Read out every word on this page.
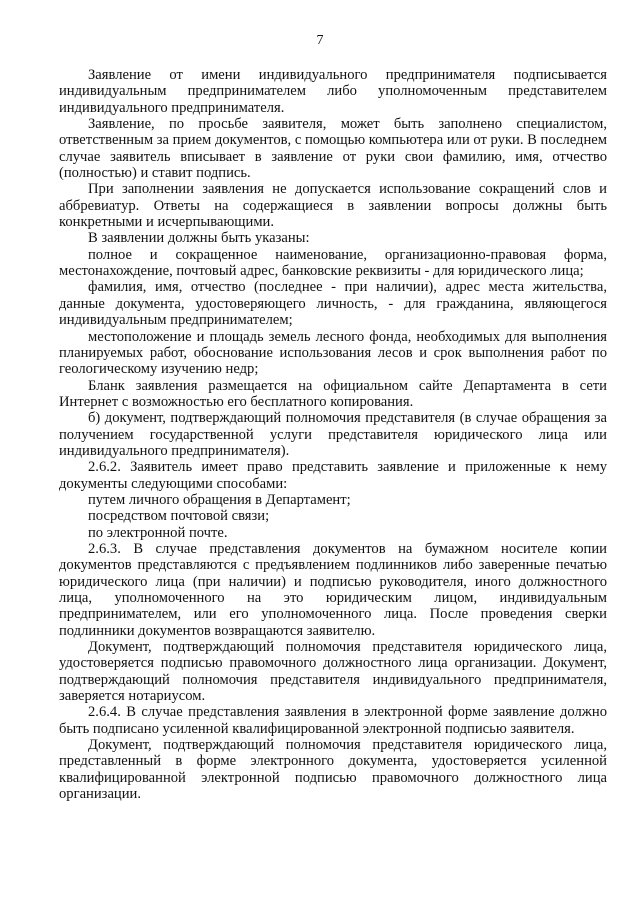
7

Заявление от имени индивидуального предпринимателя подписывается индивидуальным предпринимателем либо уполномоченным представителем индивидуального предпринимателя.

Заявление, по просьбе заявителя, может быть заполнено специалистом, ответственным за прием документов, с помощью компьютера или от руки. В последнем случае заявитель вписывает в заявление от руки свои фамилию, имя, отчество (полностью) и ставит подпись.

При заполнении заявления не допускается использование сокращений слов и аббревиатур. Ответы на содержащиеся в заявлении вопросы должны быть конкретными и исчерпывающими.

В заявлении должны быть указаны:

полное и сокращенное наименование, организационно-правовая форма, местонахождение, почтовый адрес, банковские реквизиты - для юридического лица;

фамилия, имя, отчество (последнее - при наличии), адрес места жительства, данные документа, удостоверяющего личность, - для гражданина, являющегося индивидуальным предпринимателем;

местоположение и площадь земель лесного фонда, необходимых для выполнения планируемых работ, обоснование использования лесов и срок выполнения работ по геологическому изучению недр;

Бланк заявления размещается на официальном сайте Департамента в сети Интернет с возможностью его бесплатного копирования.

б) документ, подтверждающий полномочия представителя (в случае обращения за получением государственной услуги представителя юридического лица или индивидуального предпринимателя).

2.6.2. Заявитель имеет право представить заявление и приложенные к нему документы следующими способами:

путем личного обращения в Департамент;

посредством почтовой связи;

по электронной почте.

2.6.3. В случае представления документов на бумажном носителе копии документов представляются с предъявлением подлинников либо заверенные печатью юридического лица (при наличии) и подписью руководителя, иного должностного лица, уполномоченного на это юридическим лицом, индивидуальным предпринимателем, или его уполномоченного лица. После проведения сверки подлинники документов возвращаются заявителю.

Документ, подтверждающий полномочия представителя юридического лица, удостоверяется подписью правомочного должностного лица организации. Документ, подтверждающий полномочия представителя индивидуального предпринимателя, заверяется нотариусом.

2.6.4. В случае представления заявления в электронной форме заявление должно быть подписано усиленной квалифицированной электронной подписью заявителя.

Документ, подтверждающий полномочия представителя юридического лица, представленный в форме электронного документа, удостоверяется усиленной квалифицированной электронной подписью правомочного должностного лица организации.
